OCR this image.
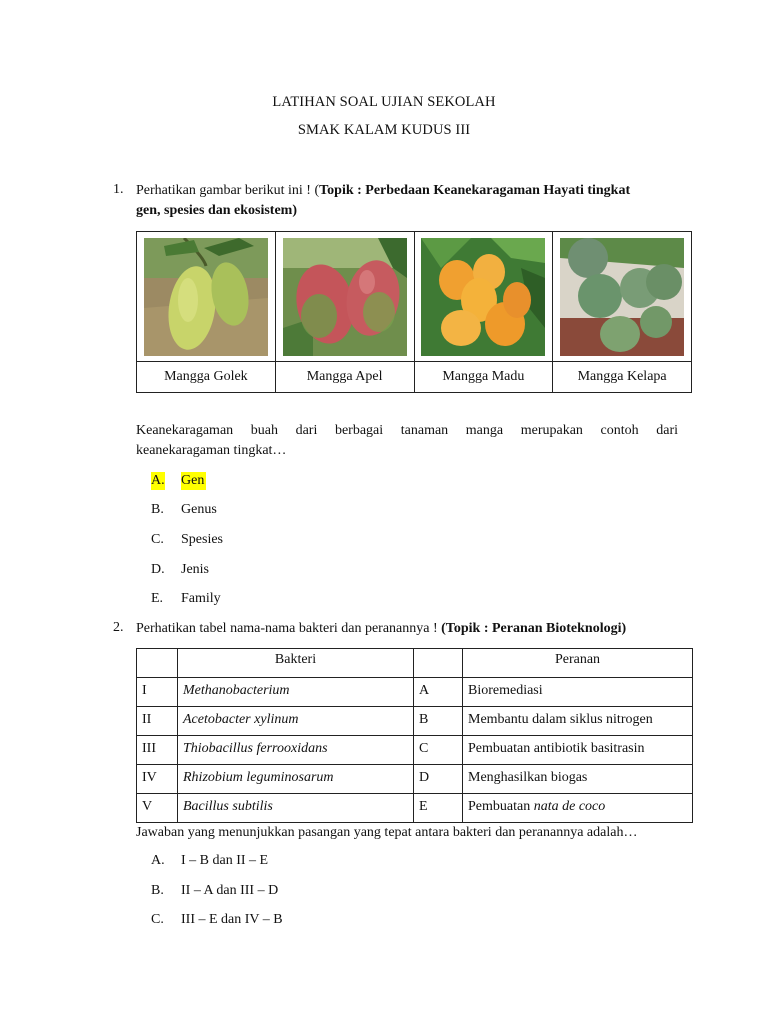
LATIHAN SOAL UJIAN SEKOLAH
SMAK KALAM KUDUS III
1. Perhatikan gambar berikut ini ! (Topik : Perbedaan Keanekaragaman Hayati tingkat
gen, spesies dan ekosistem)

Mangga Golek	Mangga Apel	Mangga Madu	Mangga Kelapa
Keanekaragaman buah dari berbagai tanaman manga merupakan contoh dari
keanekaragaman tingkat…
A. Gen
B. Genus
C. Spesies
D. Jenis
E. Family
2. Perhatikan tabel nama-nama bakteri dan peranannya ! (Topik : Peranan Bioteknologi)
	Bakteri		Peranan
I	Methanobacterium	A	Bioremediasi
II	Acetobacter xylinum	B	Membantu dalam siklus nitrogen
III	Thiobacillus ferrooxidans	C	Pembuatan antibiotik basitrasin
IV	Rhizobium leguminosarum	D	Menghasilkan biogas
V	Bacillus subtilis	E	Pembuatan nata de coco
Jawaban yang menunjukkan pasangan yang tepat antara bakteri dan peranannya adalah…
A. I – B dan II – E
B. II – A dan III – D
C. III – E dan IV – B
